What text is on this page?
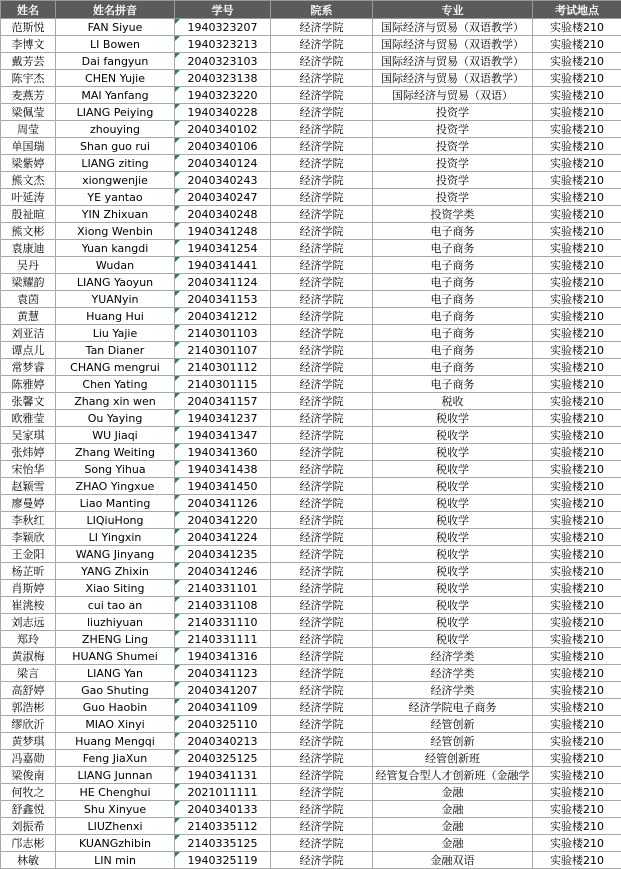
姓名	姓名拼音	学号	院系	专业	考试地点
范斯悦	FAN Siyue	1940323207	经济学院	国际经济与贸易（双语教学）	实验楼210
李博文	LI Bowen	1940323213	经济学院	国际经济与贸易（双语教学）	实验楼210
戴芳芸	Dai fangyun	2040323103	经济学院	国际经济与贸易（双语教学）	实验楼210
陈宇杰	CHEN Yujie	2040323138	经济学院	国际经济与贸易（双语教学）	实验楼210
麦燕芳	MAI Yanfang	1940323220	经济学院	国际经济与贸易（双语）	实验楼210
梁佩莹	LIANG Peiying	1940340228	经济学院	投资学	实验楼210
周莹	zhouying	2040340102	经济学院	投资学	实验楼210
单国瑞	Shan guo rui	2040340106	经济学院	投资学	实验楼210
梁紫婷	LIANG ziting	2040340124	经济学院	投资学	实验楼210
熊文杰	xiongwenjie	2040340243	经济学院	投资学	实验楼210
叶延涛	YE yantao	2040340247	经济学院	投资学	实验楼210
殷祉暄	YIN Zhixuan	2040340248	经济学院	投资学类	实验楼210
熊文彬	Xiong Wenbin	1940341248	经济学院	电子商务	实验楼210
袁康迪	Yuan kangdi	1940341254	经济学院	电子商务	实验楼210
吴丹	Wudan	1940341441	经济学院	电子商务	实验楼210
梁耀韵	LIANG Yaoyun	2040341124	经济学院	电子商务	实验楼210
袁茵	YUANyin	2040341153	经济学院	电子商务	实验楼210
黄慧	Huang Hui	2040341212	经济学院	电子商务	实验楼210
刘亚洁	Liu Yajie	2140301103	经济学院	电子商务	实验楼210
谭点儿	Tan Dianer	2140301107	经济学院	电子商务	实验楼210
常梦睿	CHANG mengrui	2140301112	经济学院	电子商务	实验楼210
陈雅婷	Chen Yating	2140301115	经济学院	电子商务	实验楼210
张馨文	Zhang xin wen	2040341157	经济学院	税收	实验楼210
欧雅莹	Ou Yaying	1940341237	经济学院	税收学	实验楼210
吴家琪	WU Jiaqi	1940341347	经济学院	税收学	实验楼210
张炜婷	Zhang Weiting	1940341360	经济学院	税收学	实验楼210
宋怡华	Song Yihua	1940341438	经济学院	税收学	实验楼210
赵颖雪	ZHAO Yingxue	1940341450	经济学院	税收学	实验楼210
廖曼婷	Liao Manting	2040341126	经济学院	税收学	实验楼210
李秋红	LIQiuHong	2040341220	经济学院	税收学	实验楼210
李颖欣	LI Yingxin	2040341224	经济学院	税收学	实验楼210
王金阳	WANG Jinyang	2040341235	经济学院	税收学	实验楼210
杨芷昕	YANG Zhixin	2040341246	经济学院	税收学	实验楼210
肖斯婷	Xiao Siting	2140331101	经济学院	税收学	实验楼210
崔洮桉	cui tao an	2140331108	经济学院	税收学	实验楼210
刘志远	liuzhiyuan	2140331110	经济学院	税收学	实验楼210
郑玲	ZHENG Ling	2140331111	经济学院	税收学	实验楼210
黄淑梅	HUANG Shumei	1940341316	经济学院	经济学类	实验楼210
梁言	LIANG Yan	2040341123	经济学院	经济学类	实验楼210
高舒婷	Gao Shuting	2040341207	经济学院	经济学类	实验楼210
郭浩彬	Guo Haobin	2040341109	经济学院	经济学院电子商务	实验楼210
缪欣沂	MIAO Xinyi	2040325110	经济学院	经管创新	实验楼210
黄梦琪	Huang Mengqi	2040340213	经济学院	经管创新	实验楼210
冯嘉勋	Feng JiaXun	2040325125	经济学院	经管创新班	实验楼210
梁俊南	LIANG Junnan	1940341131	经济学院	经管复合型人才创新班（金融学	实验楼210
何牧之	HE Chenghui	2021011111	经济学院	金融	实验楼210
舒鑫悦	Shu Xinyue	2040340133	经济学院	金融	实验楼210
刘振希	LIUZhenxi	2140335112	经济学院	金融	实验楼210
邝志彬	KUANGzhibin	2140335125	经济学院	金融	实验楼210
林敏	LIN min	1940325119	经济学院	金融双语	实验楼210
